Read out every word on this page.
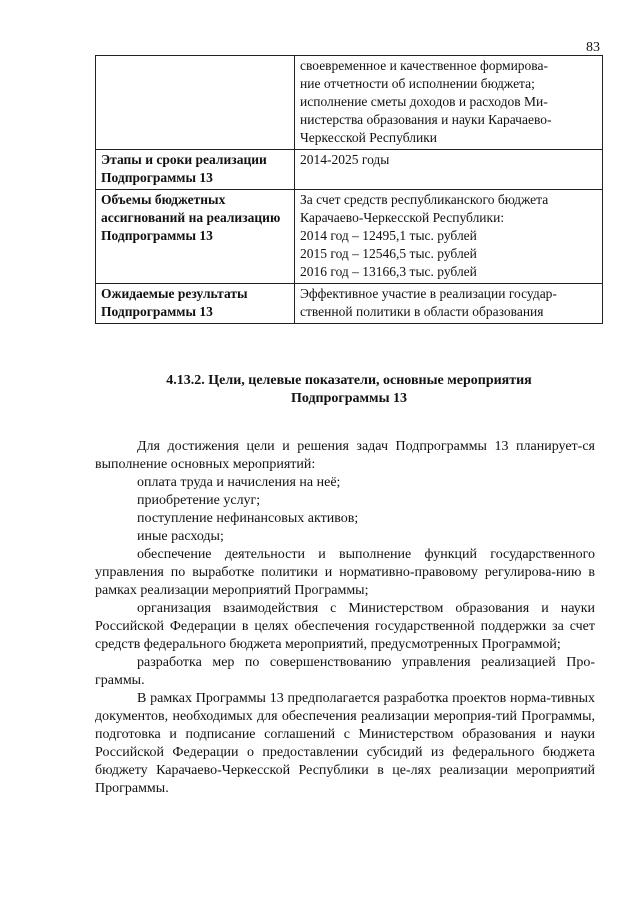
83

	своевременное и качественное формирова-
ние отчетности об исполнении бюджета;
исполнение сметы доходов и расходов Ми-
нистерства образования и науки Карачаево-
Черкесской Республики

Этапы и сроки реализации Подпрограммы 13	2014-2025 годы

Объемы бюджетных ассигнований на реализацию Подпрограммы 13	За счет средств республиканского бюджета
Карачаево-Черкесской Республики:
2014 год – 12495,1 тыс. рублей
2015 год – 12546,5 тыс. рублей
2016 год – 13166,3 тыс. рублей

Ожидаемые результаты Подпрограммы 13	Эффективное участие в реализации государ-
ственной политики в области образования
4.13.2. Цели, целевые показатели, основные мероприятия
Подпрограммы 13

Для достижения цели и решения задач Подпрограммы 13 планирует-ся выполнение основных мероприятий:

оплата труда и начисления на неё;

приобретение услуг;

поступление нефинансовых активов;

иные расходы;

обеспечение деятельности и выполнение функций государственного управления по выработке политики и нормативно-правовому регулирова-нию в рамках реализации мероприятий Программы;

организация взаимодействия с Министерством образования и науки Российской Федерации в целях обеспечения государственной поддержки за счет средств федерального бюджета мероприятий, предусмотренных Программой;

разработка мер по совершенствованию управления реализацией Про-граммы.

В рамках Программы 13 предполагается разработка проектов норма-тивных документов, необходимых для обеспечения реализации мероприя-тий Программы, подготовка и подписание соглашений с Министерством образования и науки Российской Федерации о предоставлении субсидий из федерального бюджета бюджету Карачаево-Черкесской Республики в це-лях реализации мероприятий Программы.
